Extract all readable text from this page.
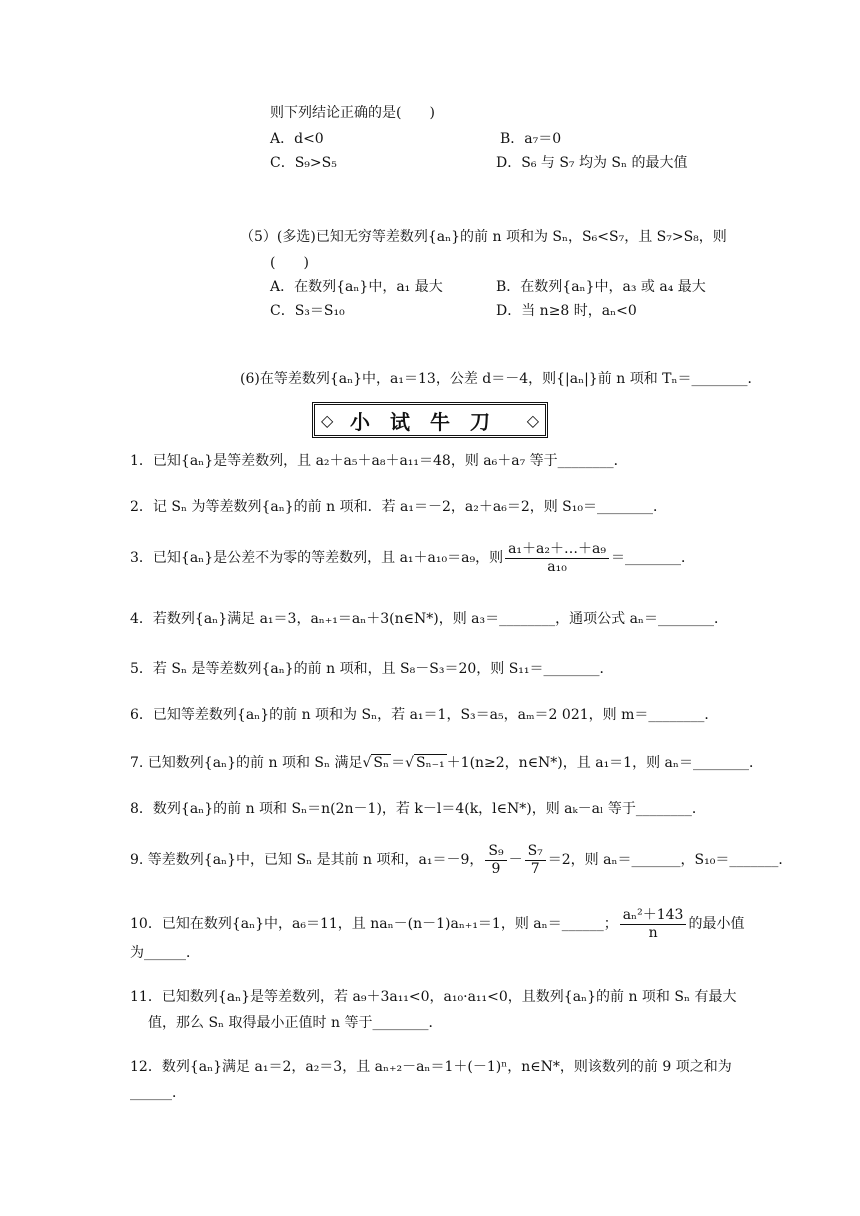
则下列结论正确的是(　　)
A．d<0	B．a₇＝0
C．S₉>S₅	D．S₆ 与 S₇ 均为 Sₙ 的最大值
（5）(多选)已知无穷等差数列{aₙ}的前 n 项和为 Sₙ，S₆<S₇，且 S₇>S₈，则
(　　)
A．在数列{aₙ}中，a₁ 最大	B．在数列{aₙ}中，a₃ 或 a₄ 最大
C．S₃＝S₁₀	D．当 n≥8 时，aₙ<0
(6)在等差数列{aₙ}中，a₁＝13，公差 d＝－4，则{|aₙ|}前 n 项和 Tₙ＝________．
◇ 小试牛刀 ◇
1．已知{aₙ}是等差数列，且 a₂＋a₅＋a₈＋a₁₁＝48，则 a₆＋a₇ 等于________．
2．记 Sₙ 为等差数列{aₙ}的前 n 项和．若 a₁＝－2，a₂＋a₆＝2，则 S₁₀＝________．
3．已知{aₙ}是公差不为零的等差数列，且 a₁＋a₁₀＝a₉，则 $\frac{\text{a₁＋a₂＋…＋a₉}}{\text{a₁₀}}$ ＝________．
4．若数列{aₙ}满足 a₁＝3，aₙ₊₁＝aₙ＋3(n∈N*)，则 a₃＝________，通项公式 aₙ＝________．
5．若 Sₙ 是等差数列{aₙ}的前 n 项和，且 S₈－S₃＝20，则 S₁₁＝________．
6．已知等差数列{aₙ}的前 n 项和为 Sₙ，若 a₁＝1，S₃＝a₅，aₘ＝2 021，则 m＝________．
7. 已知数列{aₙ}的前 n 项和 Sₙ 满足√ Sₙ ＝√ Sₙ₋₁ ＋1(n≥2，n∈N*)，且 a₁＝1，则 aₙ＝________．
8．数列{aₙ}的前 n 项和 Sₙ＝n(2n－1)，若 k－l＝4(k，l∈N*)，则 aₖ－aₗ 等于________．
9. 等差数列{aₙ}中，已知 Sₙ 是其前 n 项和，a₁＝－9， $\frac{\text{S₉}}{9} - \frac{\text{S₇}}{7} =2$，则 aₙ＝_______，S₁₀＝_______．
10．已知在数列{aₙ}中，a₆＝11，且 naₙ－(n－1)aₙ₊₁＝1，则 aₙ＝______； $\frac{\text{aₙ²＋143}}{n}$ 的最小值
为______．
11．已知数列{aₙ}是等差数列，若 a₉＋3a₁₁<0，a₁₀·a₁₁<0，且数列{aₙ}的前 n 项和 Sₙ 有最大
值，那么 Sₙ 取得最小正值时 n 等于________．
12．数列{aₙ}满足 a₁＝2，a₂＝3，且 aₙ₊₂－aₙ＝1＋(－1)ⁿ，n∈N*，则该数列的前 9 项之和为
______．
